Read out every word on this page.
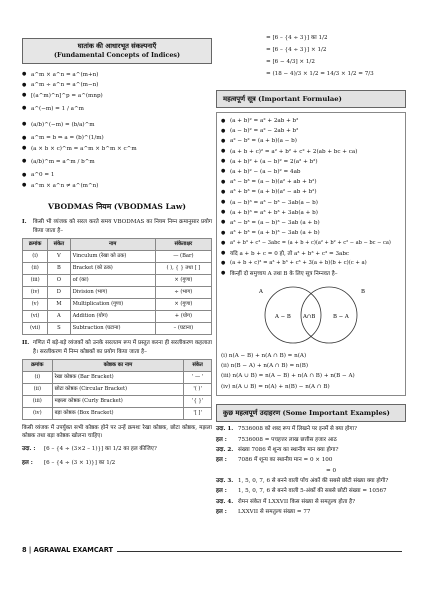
घातांक की आधारभूत संकल्पनाएँ
(Fundamental Concepts of Indices)
● a^m × a^n = a^(m+n)
● a^m ÷ a^n = a^(m−n)
● [(a^m)^n]^p = a^(mnp)
● a^(−m) = 1 / a^m
● (a/b)^(−m) = (b/a)^m
● a^m = b ⇒ a = (b)^(1/m)
● (a × b × c)^m = a^m × b^m × c^m
● (a/b)^m = a^m / b^m
● a^0 = 1
● a^m × a^n ≠ a^(m^n)
VBODMAS नियम (VBODMAS Law)
I.	किसी भी व्यंजक को सरल करते समय VBODMAS का नियम निम्न क्रमानुसार प्रयोग किया जाता है–
क्रमांक	संकेत	नाम	संकेताक्षर
(i)	V	Vinculum (रेखा को ठक)	— (Bar)
(ii)	B	Bracket (को ठक)	( ), { } तथा [ ]
(iii)	O	of (का)	× (गुणा)
(iv)	D	Division (भाग)	÷ (भाग)
(v)	M	Multiplication (गुणा)	× (गुणा)
(vi)	A	Addition (योग)	+ (योग)
(vii)	S	Subtraction (घटाना)	– (घटाना)
II. गणित में बड़े-बड़े व्यंजकों को उनके सरलतम रूप में प्रस्तुत करना ही सरलीकरण कहलाता है। सरलीकरण में निम्न कोष्ठकों का प्रयोग किया जाता है–
क्रमांक	कोष्ठक का नाम	संकेत
(i)	रेखा कोष्ठक (Bar Bracket)	' — '
(ii)	छोटा कोष्ठक (Circular Bracket)	'( )'
(iii)	मझला कोष्ठक (Curly Bracket)	'{ }'
(iv)	बड़ा कोष्ठक (Box Bracket)	'[ ]'
किसी व्यंजक में उपर्युक्त सभी कोष्ठक होने पर उन्हें क्रमशः रेखा कोष्ठक, छोटा कोष्ठक, मझला कोष्ठक तथा बड़ा कोष्ठक खोलना चाहिए।
उदा. :	[6 – {4 ÷ (3×2 – 1)}] का 1/2 का हल कीजिए?
हल :	[6 – {4 ÷ (3 × 1)}] का 1/2
= [6 – {4 ÷ 3}] का 1/2
= [6 – {4 ÷ 3}] × 1/2
= [6 − 4/3] × 1/2
= (18 − 4)/3 × 1/2 = 14/3 × 1/2 = 7/3
महत्वपूर्ण सूत्र (Important Formulae)
● (a + b)² = a² + 2ab + b²
● (a − b)² = a² − 2ab + b²
● a² − b² = (a + b)(a − b)
● (a + b + c)² = a² + b² + c² + 2(ab + bc + ca)
● (a + b)² + (a − b)² = 2(a² + b²)
● (a + b)² − (a − b)² = 4ab
● a³ − b³ = (a − b)(a² + ab + b²)
● a³ + b³ = (a + b)(a² − ab + b²)
● (a − b)³ = a³ − b³ − 3ab(a − b)
● (a + b)³ = a³ + b³ + 3ab(a + b)
● a³ − b³ = (a − b)³ − 3ab (a + b)
● a³ + b³ = (a + b)³ − 3ab (a + b)
● a³ + b³ + c³ − 3abc = (a + b + c)(a² + b² + c² − ab − bc − ca)
● यदि a + b + c = 0 हो, तो a³ + b³ + c³ = 3abc
● (a + b + c)³ = a³ + b³ + c³ + 3(a + b)(b + c)(c + a)
● किन्हीं दो समुच्चय A तथा B के लिए सूत्र निम्नवत है–
A	B
A − B A∩B	B − A
(i) n(A − B) + n(A ∩ B) = n(A)
(ii) n(B − A) + n(A ∩ B) = n(B)
(iii) n(A ∪ B) = n(A − B) + n(A ∩ B) + n(B − A)
(iv) n(A ∪ B) = n(A) + n(B) − n(A ∩ B)
कुछ महत्वपूर्ण उदाहरण (Some Important Examples)
उदा. 1. 7536008 को शब्द रूप में लिखने पर इनमें से क्या होगा?
हल :	7536008 = पचहत्तर लाख छत्तीस हजार आठ
उदा. 2. संख्या 7086 में शून्य का स्थानीय मान क्या होगा?
हल :	7086 में शून्य का स्थानीय मान = 0 × 100
= 0
उदा. 3. 1, 5, 0, 7, 6 से बनने वाली पाँच अंकों की सबसे छोटी संख्या क्या होगी?
हल :	1, 5, 0, 7, 6 से बनने वाली 5-अंकों की सबसे छोटी संख्या = 10567
उदा. 4. रोमन संकेत में LXXVII किस संख्या से समतुल्य होता है?
हल :	LXXVII से समतुल्य संख्या = 77
8 | AGRAWAL EXAMCART
